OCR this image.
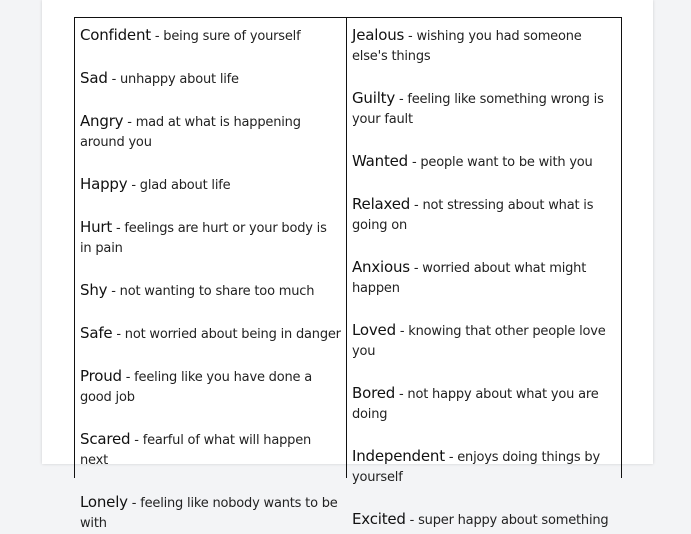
Confident - being sure of yourself
Sad - unhappy about life
Angry - mad at what is happening around you
Happy - glad about life
Hurt - feelings are hurt or your body is in pain
Shy - not wanting to share too much
Safe - not worried about being in danger
Proud - feeling like you have done a good job
Scared - fearful of what will happen next
Lonely - feeling like nobody wants to be with
Jealous - wishing you had someone else's things
Guilty - feeling like something wrong is your fault
Wanted - people want to be with you
Relaxed - not stressing about what is going on
Anxious - worried about what might happen
Loved - knowing that other people love you
Bored - not happy about what you are doing
Independent - enjoys doing things by yourself
Excited - super happy about something
